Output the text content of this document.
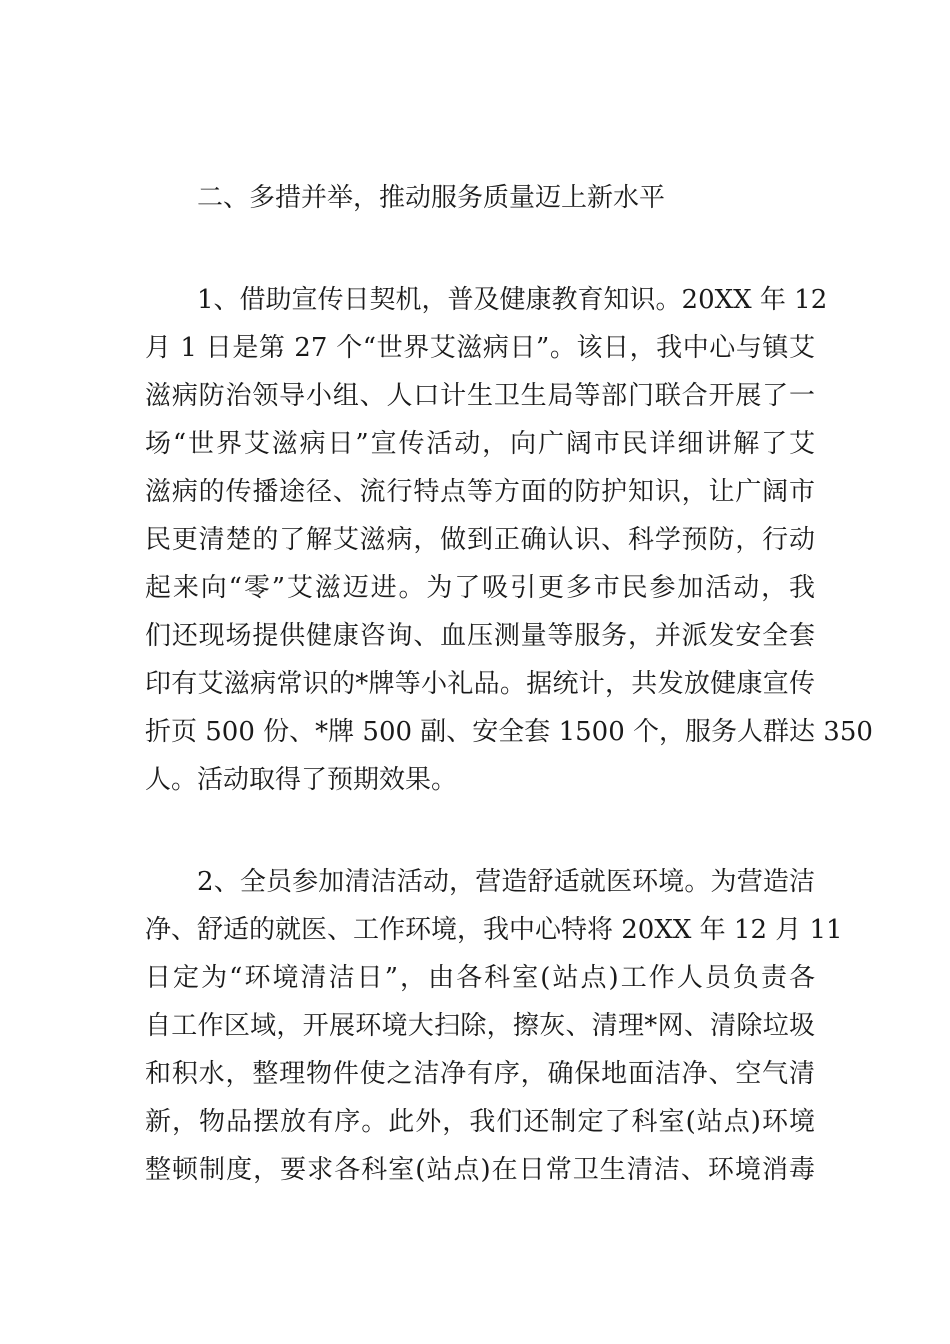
二、多措并举，推动服务质量迈上新水平
1、借助宣传日契机，普及健康教育知识。20XX 年 12
月 1 日是第 27 个“世界艾滋病日”。该日，我中心与镇艾
滋病防治领导小组、人口计生卫生局等部门联合开展了一
场“世界艾滋病日”宣传活动，向广阔市民详细讲解了艾
滋病的传播途径、流行特点等方面的防护知识，让广阔市
民更清楚的了解艾滋病，做到正确认识、科学预防，行动
起来向“零”艾滋迈进。为了吸引更多市民参加活动，我
们还现场提供健康咨询、血压测量等服务，并派发安全套
印有艾滋病常识的*牌等小礼品。据统计，共发放健康宣传
折页 500 份、*牌 500 副、安全套 1500 个，服务人群达 350
人。活动取得了预期效果。
2、全员参加清洁活动，营造舒适就医环境。为营造洁
净、舒适的就医、工作环境，我中心特将 20XX 年 12 月 11
日定为“环境清洁日”，由各科室(站点)工作人员负责各
自工作区域，开展环境大扫除，擦灰、清理*网、清除垃圾
和积水，整理物件使之洁净有序，确保地面洁净、空气清
新，物品摆放有序。此外，我们还制定了科室(站点)环境
整顿制度，要求各科室(站点)在日常卫生清洁、环境消毒
